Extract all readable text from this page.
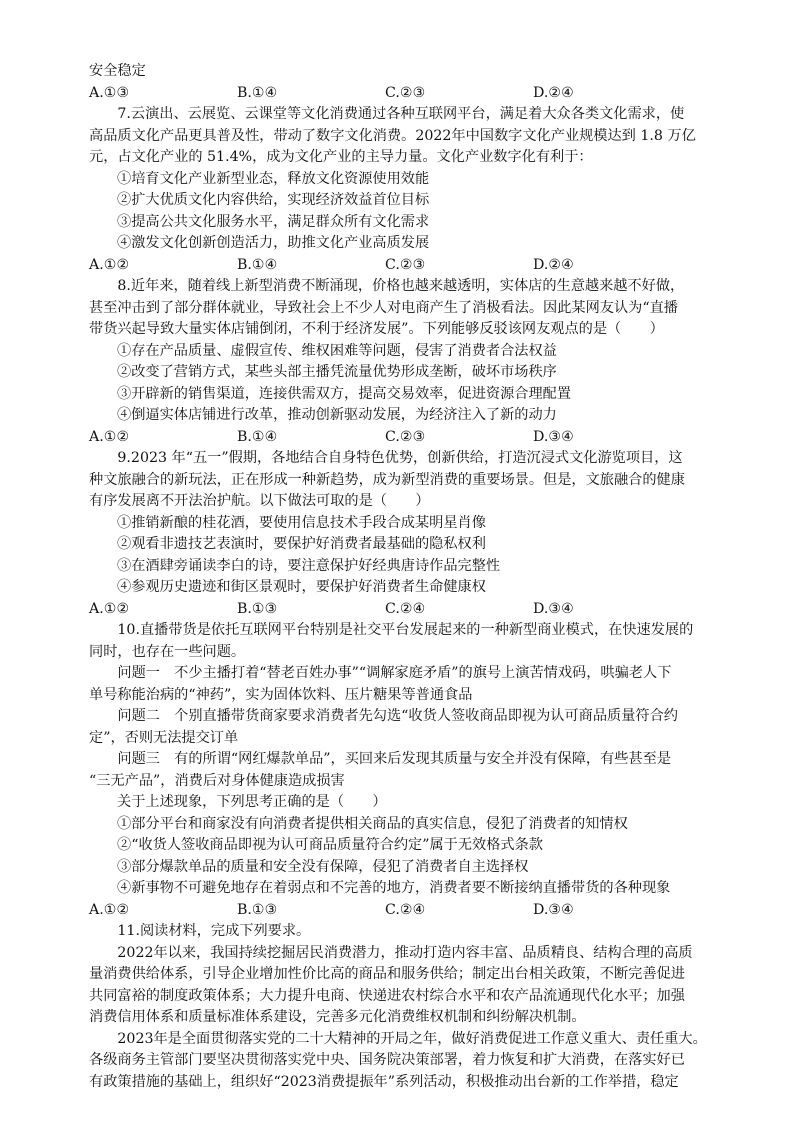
安全稳定
A.①③	B.①④	C.②③	D.②④
7.云演出、云展览、云课堂等文化消费通过各种互联网平台，满足着大众各类文化需求，使
高品质文化产品更具普及性，带动了数字文化消费。2022年中国数字文化产业规模达到 1.8 万亿
元，占文化产业的 51.4%，成为文化产业的主导力量。文化产业数字化有利于：
①培育文化产业新型业态，释放文化资源使用效能
②扩大优质文化内容供给，实现经济效益首位目标
③提高公共文化服务水平，满足群众所有文化需求
④激发文化创新创造活力，助推文化产业高质发展
A.①②	B.①④	C.②③	D.②④
8.近年来，随着线上新型消费不断涌现，价格也越来越透明，实体店的生意越来越不好做，
甚至冲击到了部分群体就业，导致社会上不少人对电商产生了消极看法。因此某网友认为“直播
带货兴起导致大量实体店铺倒闭，不利于经济发展”。下列能够反驳该网友观点的是（　　）
①存在产品质量、虚假宣传、维权困难等问题，侵害了消费者合法权益
②改变了营销方式，某些头部主播凭流量优势形成垄断，破坏市场秩序
③开辟新的销售渠道，连接供需双方，提高交易效率，促进资源合理配置
④倒逼实体店铺进行改革，推动创新驱动发展，为经济注入了新的动力
A.①②	B.①④	C.②③	D.③④
9.2023 年“五一”假期，各地结合自身特色优势，创新供给，打造沉浸式文化游览项目，这
种文旅融合的新玩法，正在形成一种新趋势，成为新型消费的重要场景。但是，文旅融合的健康
有序发展离不开法治护航。以下做法可取的是（　　）
①推销新酿的桂花酒，要使用信息技术手段合成某明星肖像
②观看非遗技艺表演时，要保护好消费者最基础的隐私权利
③在酒肆旁诵读李白的诗，要注意保护好经典唐诗作品完整性
④参观历史遗迹和街区景观时，要保护好消费者生命健康权
A.①②	B.①③	C.②④	D.③④
10.直播带货是依托互联网平台特别是社交平台发展起来的一种新型商业模式，在快速发展的
同时，也存在一些问题。
问题一　 不少主播打着“替老百姓办事”“调解家庭矛盾”的旗号上演苦情戏码，哄骗老人下
单号称能治病的“神药”，实为固体饮料、压片糖果等普通食品
问题二　 个别直播带货商家要求消费者先勾选“收货人签收商品即视为认可商品质量符合约
定”，否则无法提交订单
问题三　 有的所谓“网红爆款单品”，买回来后发现其质量与安全并没有保障，有些甚至是
“三无产品”，消费后对身体健康造成损害
关于上述现象，下列思考正确的是（　　）
①部分平台和商家没有向消费者提供相关商品的真实信息，侵犯了消费者的知情权
②“收货人签收商品即视为认可商品质量符合约定”属于无效格式条款
③部分爆款单品的质量和安全没有保障，侵犯了消费者自主选择权
④新事物不可避免地存在着弱点和不完善的地方，消费者要不断接纳直播带货的各种现象
A.①②	B.①③	C.②④	D.③④
11.阅读材料，完成下列要求。
2022年以来，我国持续挖掘居民消费潜力，推动打造内容丰富、品质精良、结构合理的高质
量消费供给体系，引导企业增加性价比高的商品和服务供给；制定出台相关政策，不断完善促进
共同富裕的制度政策体系；大力提升电商、快递进农村综合水平和农产品流通现代化水平；加强
消费信用体系和质量标准体系建设，完善多元化消费维权机制和纠纷解决机制。
2023年是全面贯彻落实党的二十大精神的开局之年，做好消费促进工作意义重大、责任重大。
各级商务主管部门要坚决贯彻落实党中央、国务院决策部署，着力恢复和扩大消费，在落实好已
有政策措施的基础上，组织好“2023消费提振年”系列活动，积极推动出台新的工作举措，稳定
